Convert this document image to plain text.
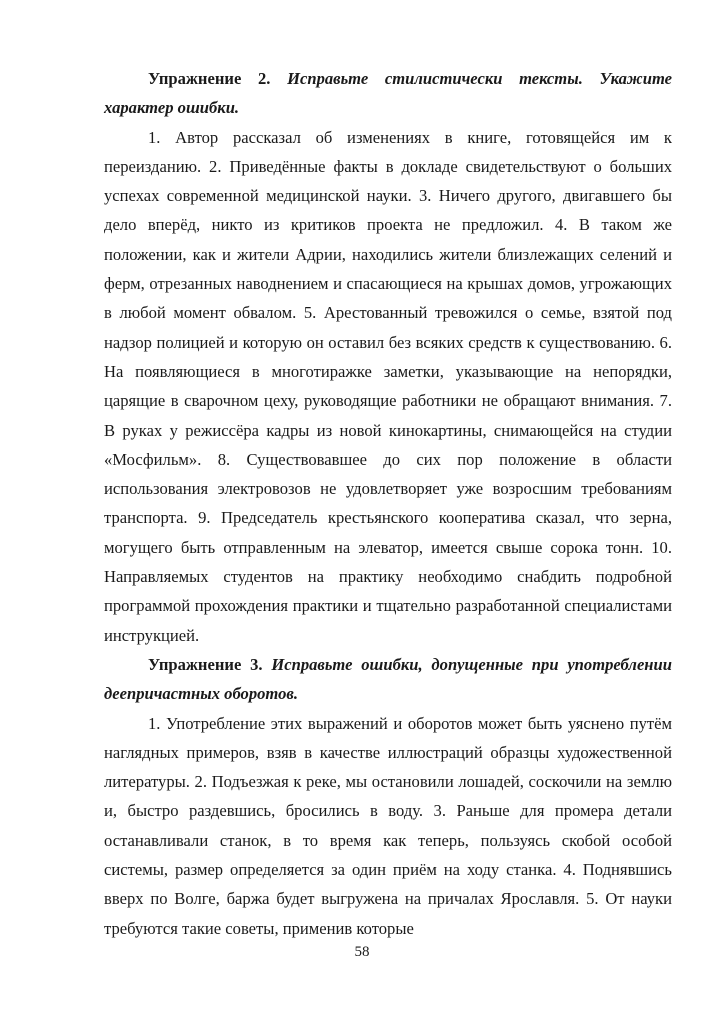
Упражнение 2. Исправьте стилистически тексты. Укажите характер ошибки.

1. Автор рассказал об изменениях в книге, готовящейся им к переизданию. 2. Приведённые факты в докладе свидетельствуют о больших успехах современной медицинской науки. 3. Ничего другого, двигавшего бы дело вперёд, никто из критиков проекта не предложил. 4. В таком же положении, как и жители Адрии, находились жители близлежащих селений и ферм, отрезанных наводнением и спасающиеся на крышах домов, угрожающих в любой момент обвалом. 5. Арестованный тревожился о семье, взятой под надзор полицией и которую он оставил без всяких средств к существованию. 6. На появляющиеся в многотиражке заметки, указывающие на непорядки, царящие в сварочном цеху, руководящие работники не обращают внимания. 7. В руках у режиссёра кадры из новой кинокартины, снимающейся на студии «Мосфильм». 8. Существовавшее до сих пор положение в области использования электровозов не удовлетворяет уже возросшим требованиям транспорта. 9. Председатель крестьянского кооператива сказал, что зерна, могущего быть отправленным на элеватор, имеется свыше сорока тонн. 10. Направляемых студентов на практику необходимо снабдить подробной программой прохождения практики и тщательно разработанной специалистами инструкцией.

Упражнение 3. Исправьте ошибки, допущенные при употреблении деепричастных оборотов.

1. Употребление этих выражений и оборотов может быть уяснено путём наглядных примеров, взяв в качестве иллюстраций образцы художественной литературы. 2. Подъезжая к реке, мы остановили лошадей, соскочили на землю и, быстро раздевшись, бросились в воду. 3. Раньше для промера детали останавливали станок, в то время как теперь, пользуясь скобой особой системы, размер определяется за один приём на ходу станка. 4. Поднявшись вверх по Волге, баржа будет выгружена на причалах Ярославля. 5. От науки требуются такие советы, применив которые

58
